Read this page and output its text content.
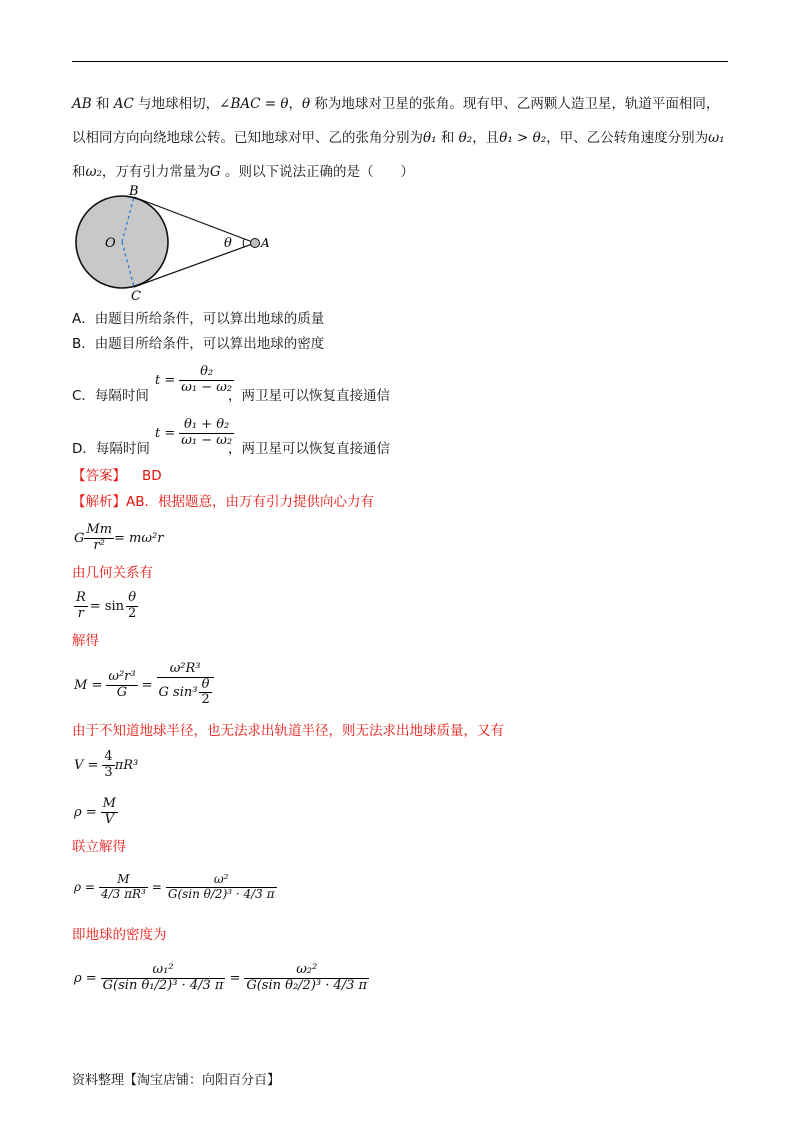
AB 和 AC 与地球相切，∠BAC = θ，θ 称为地球对卫星的张角。现有甲、乙两颗人造卫星，轨道平面相同，
以相同方向向绕地球公转。已知地球对甲、乙的张角分别为θ₁ 和 θ₂，且θ₁ > θ₂，甲、乙公转角速度分别为ω₁
和ω₂，万有引力常量为G 。则以下说法正确的是（　　）
B
O
C
θ A
A．由题目所给条件，可以算出地球的质量
B．由题目所给条件，可以算出地球的密度
C．每隔时间
$t = \frac{\text{θ₂}}{\text{ω₁ − ω₂}}$
，两卫星可以恢复直接通信
D．每隔时间
$t = \frac{\text{θ₁ + θ₂}}{\text{ω₁ − ω₂}}$
，两卫星可以恢复直接通信
【答案】 BD
【解析】AB．根据题意，由万有引力提供向心力有
G $\frac{Mm}{\text{r²}} = m\omega^2r$
由几何关系有
$\frac{R}{r} = \sin \frac{\theta}{2}$
解得
$M = \frac{\text{ω²r³}}{G} = \frac{\text{ω²R³}}{G \sin^3 \frac{\theta}{2}}$
由于不知道地球半径，也无法求出轨道半径，则无法求出地球质量，又有
$V = \frac{4}{3} \pi R^3$
$\rho = \frac{M}{V}$
联立解得
$\rho = \frac{M}{\text{4/3 πR³}} = \frac{\text{ω²}}{\text{G(sin θ/2)³ · 4/3 π}}$
即地球的密度为
$\rho = \frac{\text{ω₁²}}{\text{G(sin θ₁/2)³ · 4/3 π}} = \frac{\text{ω₂²}}{\text{G(sin θ₂/2)³ · 4/3 π}}$
资料整理【淘宝店铺：向阳百分百】
